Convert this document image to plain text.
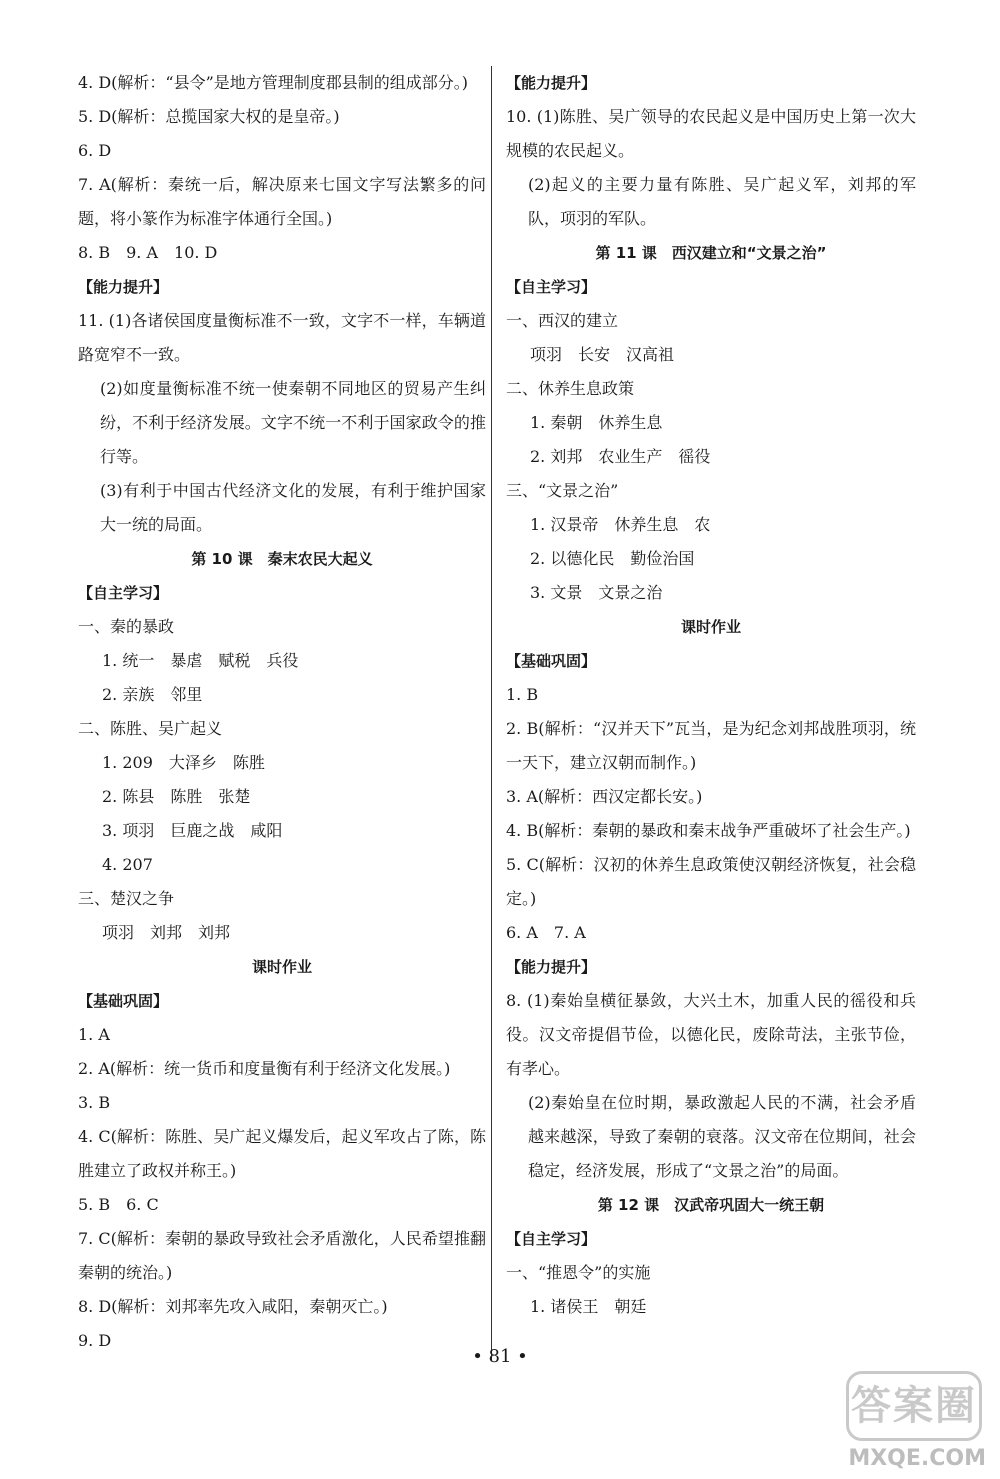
4. D(解析：“县令”是地方管理制度郡县制的组成部分。)
5. D(解析：总揽国家大权的是皇帝。)
6. D
7. A(解析：秦统一后，解决原来七国文字写法繁多的问题，将小篆作为标准字体通行全国。)
8. B　9. A　10. D
【能力提升】
11. (1)各诸侯国度量衡标准不一致，文字不一样，车辆道路宽窄不一致。
(2)如度量衡标准不统一使秦朝不同地区的贸易产生纠纷，不利于经济发展。文字不统一不利于国家政令的推行等。
(3)有利于中国古代经济文化的发展，有利于维护国家大一统的局面。
第 10 课　秦末农民大起义
【自主学习】
一、秦的暴政
1. 统一　暴虐　赋税　兵役
2. 亲族　邻里
二、陈胜、吴广起义
1. 209　大泽乡　陈胜
2. 陈县　陈胜　张楚
3. 项羽　巨鹿之战　咸阳
4. 207
三、楚汉之争
项羽　刘邦　刘邦
课时作业
【基础巩固】
1. A
2. A(解析：统一货币和度量衡有利于经济文化发展。)
3. B
4. C(解析：陈胜、吴广起义爆发后，起义军攻占了陈，陈胜建立了政权并称王。)
5. B　6. C
7. C(解析：秦朝的暴政导致社会矛盾激化，人民希望推翻秦朝的统治。)
8. D(解析：刘邦率先攻入咸阳，秦朝灭亡。)
9. D
【能力提升】
10. (1)陈胜、吴广领导的农民起义是中国历史上第一次大规模的农民起义。
(2)起义的主要力量有陈胜、吴广起义军，刘邦的军队，项羽的军队。
第 11 课　西汉建立和“文景之治”
【自主学习】
一、西汉的建立
项羽　长安　汉高祖
二、休养生息政策
1. 秦朝　休养生息
2. 刘邦　农业生产　徭役
三、“文景之治”
1. 汉景帝　休养生息　农
2. 以德化民　勤俭治国
3. 文景　文景之治
课时作业
【基础巩固】
1. B
2. B(解析：“汉并天下”瓦当，是为纪念刘邦战胜项羽，统一天下，建立汉朝而制作。)
3. A(解析：西汉定都长安。)
4. B(解析：秦朝的暴政和秦末战争严重破坏了社会生产。)
5. C(解析：汉初的休养生息政策使汉朝经济恢复，社会稳定。)
6. A　7. A
【能力提升】
8. (1)秦始皇横征暴敛，大兴土木，加重人民的徭役和兵役。汉文帝提倡节俭，以德化民，废除苛法，主张节俭，有孝心。
(2)秦始皇在位时期，暴政激起人民的不满，社会矛盾越来越深，导致了秦朝的衰落。汉文帝在位期间，社会稳定，经济发展，形成了“文景之治”的局面。
第 12 课　汉武帝巩固大一统王朝
【自主学习】
一、“推恩令”的实施
1. 诸侯王　朝廷
• 81 •
答案圈
MXQE.COM
